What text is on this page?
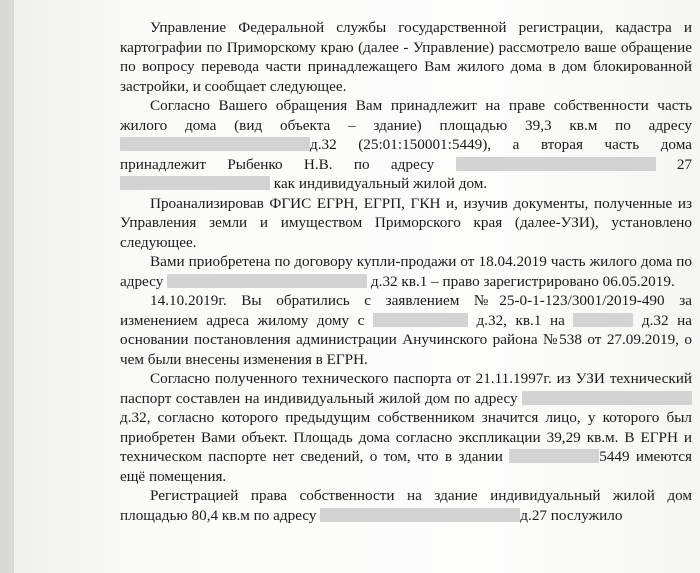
Управление Федеральной службы государственной регистрации, кадастра и картографии по Приморскому краю (далее - Управление) рассмотрело ваше обращение по вопросу перевода части принадлежащего Вам жилого дома в дом блокированной застройки, и сообщает следующее.

Согласно Вашего обращения Вам принадлежит на праве собственности часть жилого дома (вид объекта – здание) площадью 39,3 кв.м по адресу д.32 (25:01:150001:5449), а вторая часть дома принадлежит Рыбенко Н.В. по адресу	27  как индивидуальный жилой дом.

Проанализировав ФГИС ЕГРН, ЕГРП, ГКН и, изучив документы, полученные из Управления земли и имуществом Приморского края (далее-УЗИ), установлено следующее.

Вами приобретена по договору купли-продажи от 18.04.2019 часть жилого дома по адресу	д.32 кв.1 – право зарегистрировано 06.05.2019.

14.10.2019г. Вы обратились с заявлением №25-0-1-123/3001/2019-490 за изменением адреса жилому дому с	д.32, кв.1 на	д.32 на основании постановления администрации Анучинского района №538 от 27.09.2019, о чем были внесены изменения в ЕГРН.

Согласно полученного технического паспорта от 21.11.1997г. из УЗИ технический паспорт составлен на индивидуальный жилой дом по адресу д.32, согласно которого предыдущим собственником значится лицо, у которого был приобретен Вами объект. Площадь дома согласно экспликации 39,29 кв.м. В ЕГРН и техническом паспорте нет сведений, о том, что в здании	5449 имеются ещё помещения.

Регистрацией права собственности на здание индивидуальный жилой дом площадью 80,4 кв.м по адресу	д.27 послужило
